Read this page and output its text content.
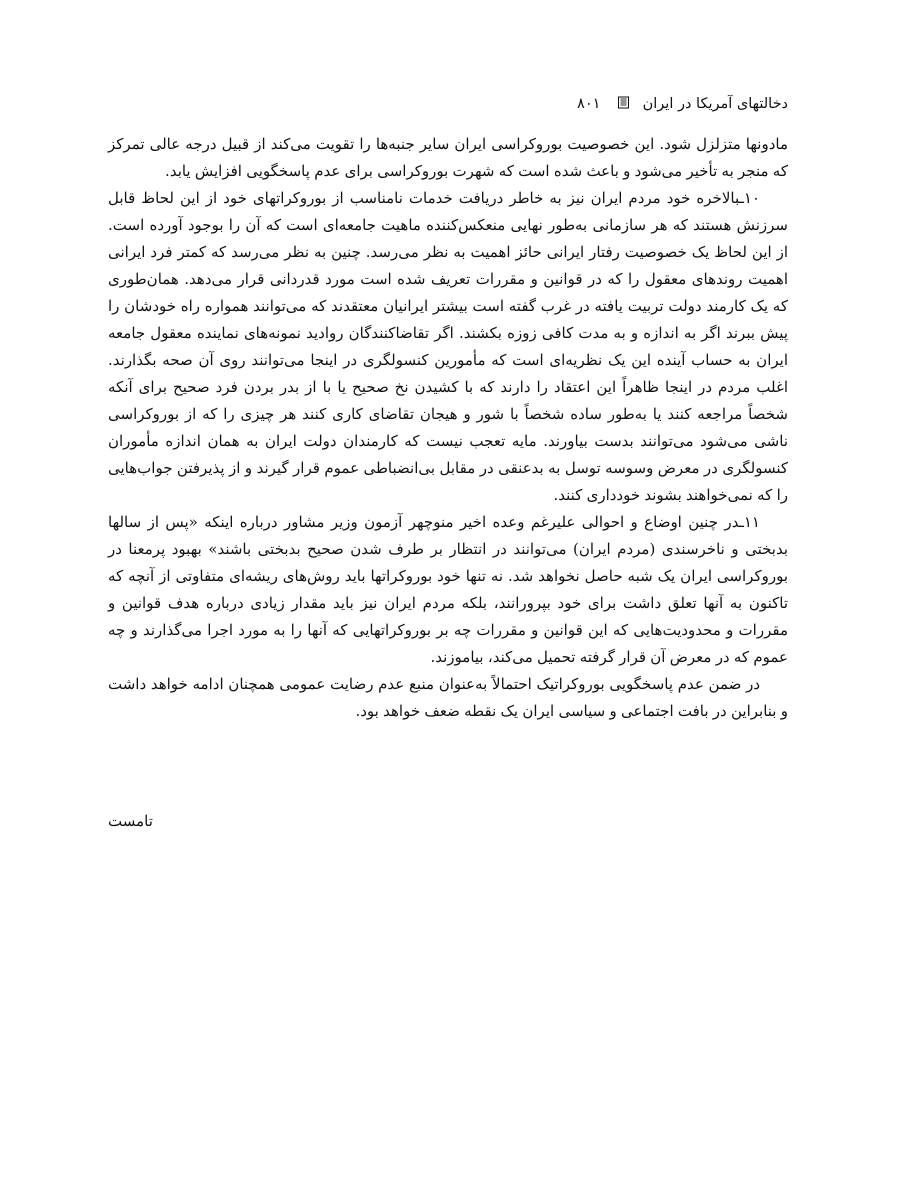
دخالتهای آمریکا در ایران  ۸۰۱

مادونها متزلزل شود. این خصوصیت بوروکراسی ایران سایر جنبه‌ها را تقویت می‌کند از قبیل درجه عالی تمرکز که منجر به تأخیر می‌شود و باعث شده است که شهرت بوروکراسی برای عدم پاسخگویی افزایش یابد.

۱۰ـبالاخره خود مردم ایران نیز به خاطر دریافت خدمات نامناسب از بوروکراتهای خود از این لحاظ قابل سرزنش هستند که هر سازمانی به‌طور نهایی منعکس‌کننده ماهیت جامعه‌ای است که آن را بوجود آورده است. از این لحاظ یک خصوصیت رفتار ایرانی حائز اهمیت به نظر می‌رسد. چنین به نظر می‌رسد که کمتر فرد ایرانی اهمیت روندهای معقول را که در قوانین و مقررات تعریف شده است مورد قدردانی قرار می‌دهد. همان‌طوری که یک کارمند دولت تربیت یافته در غرب گفته است بیشتر ایرانیان معتقدند که می‌توانند همواره راه خودشان را پیش ببرند اگر به اندازه و به مدت کافی زوزه بکشند. اگر تقاضاکنندگان روادید نمونه‌های نماینده معقول جامعه ایران به حساب آینده این یک نظریه‌ای است که مأمورین کنسولگری در اینجا می‌توانند روی آن صحه بگذارند. اغلب مردم در اینجا ظاهراً این اعتقاد را دارند که با کشیدن نخ صحیح یا با از بدر بردن فرد صحیح برای آنکه شخصاً مراجعه کنند یا به‌طور ساده شخصاً با شور و هیجان تقاضای کاری کنند هر چیزی را که از بوروکراسی ناشی می‌شود می‌توانند بدست بیاورند. مایه تعجب نیست که کارمندان دولت ایران به همان اندازه مأموران کنسولگری در معرض وسوسه توسل به بدعنقی در مقابل بی‌انضباطی عموم قرار گیرند و از پذیرفتن جواب‌هایی را که نمی‌خواهند بشوند خودداری کنند.

۱۱ـدر چنین اوضاع و احوالی علیرغم وعده اخیر منوچهر آزمون وزیر مشاور درباره اینکه «پس از سالها بدبختی و ناخرسندی (مردم ایران) می‌توانند در انتظار بر طرف شدن صحیح بدبختی باشند» بهبود پرمعنا در بوروکراسی ایران یک شبه حاصل نخواهد شد. نه تنها خود بوروکراتها باید روش‌های ریشه‌ای متفاوتی از آنچه که تاکنون به آنها تعلق داشت برای خود بپرورانند، بلکه مردم ایران نیز باید مقدار زیادی درباره هدف قوانین و مقررات و محدودیت‌هایی که این قوانین و مقررات چه بر بوروکراتهایی که آنها را به مورد اجرا می‌گذارند و چه عموم که در معرض آن قرار گرفته تحمیل می‌کند، بیاموزند.

در ضمن عدم پاسخگویی بوروکراتیک احتمالاً به‌عنوان منبع عدم رضایت عمومی همچنان ادامه خواهد داشت و بنابراین در بافت اجتماعی و سیاسی ایران یک نقطه ضعف خواهد بود.

تامست
